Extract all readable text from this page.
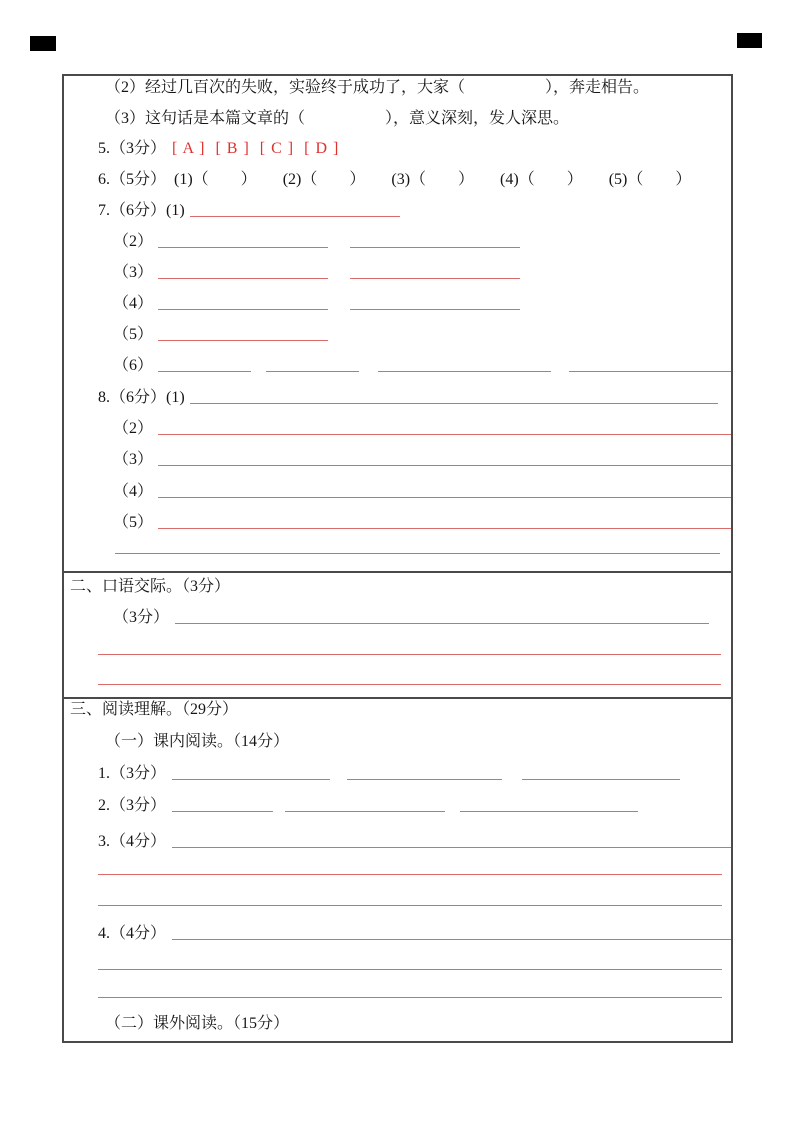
（2）经过几百次的失败，实验终于成功了，大家（　　　　　），奔走相告。
（3）这句话是本篇文章的（　　　　　），意义深刻，发人深思。
5.（3分） [ A ] [ B ] [ C ] [ D ]
6.（5分） (1)（　　） (2)（　　） (3)（　　） (4)（　　） (5)（　　）
7.（6分）(1)
（2）
（3）
（4）
（5）
（6）
8.（6分）(1)
（2）
（3）
（4）
（5）
二、口语交际。（3分）
（3分）
三、阅读理解。（29分）
（一）课内阅读。（14分）
1.（3分）
2.（3分）
3.（4分）
4.（4分）
（二）课外阅读。（15分）
